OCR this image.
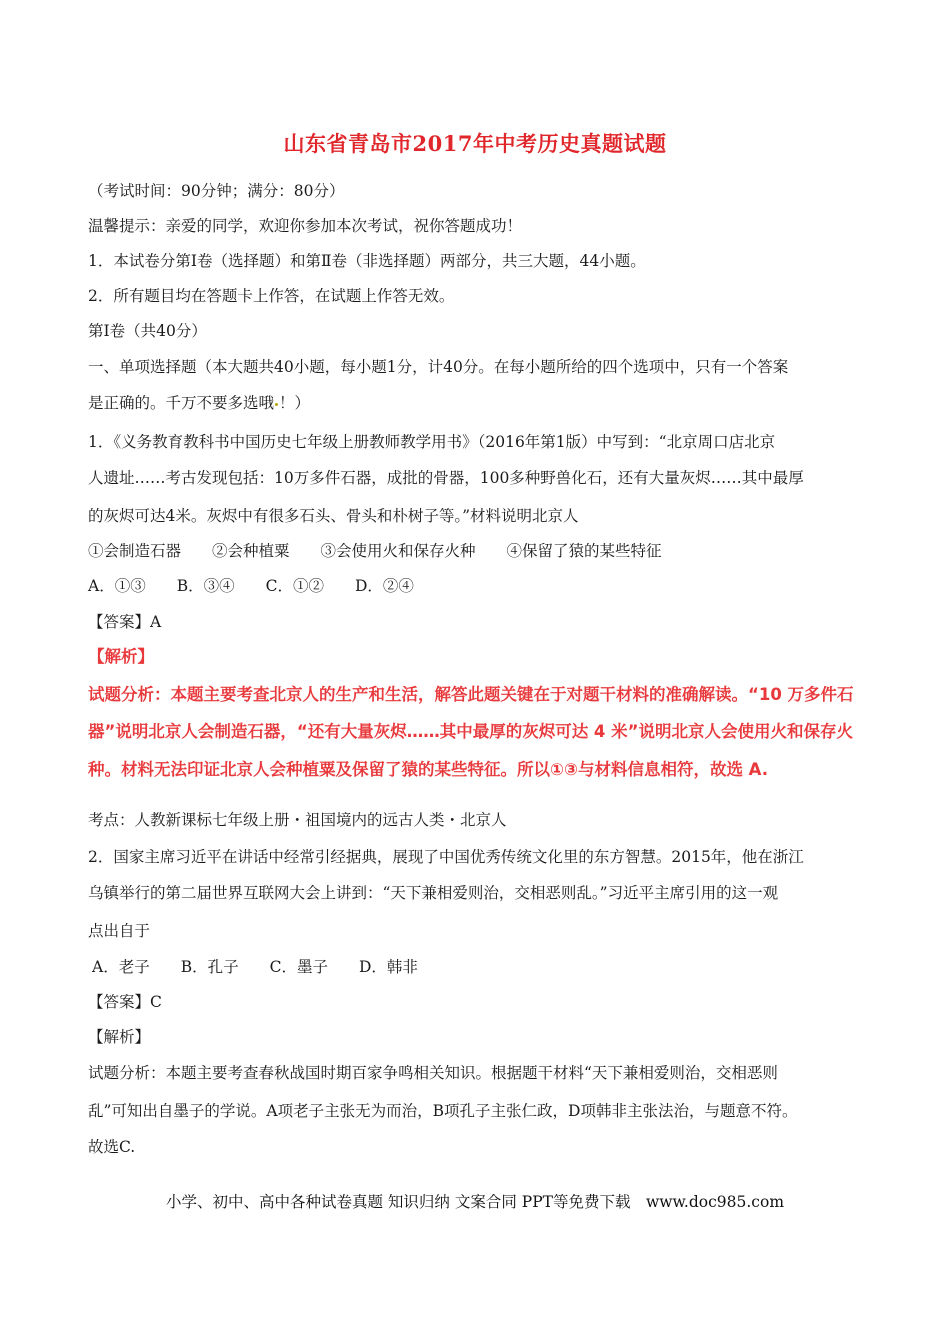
山东省青岛市2017年中考历史真题试题
（考试时间：90分钟；满分：80分）
温馨提示：亲爱的同学，欢迎你参加本次考试，祝你答题成功！
1．本试卷分第Ⅰ卷（选择题）和第Ⅱ卷（非选择题）两部分，共三大题，44小题。
2．所有题目均在答题卡上作答，在试题上作答无效。
第Ⅰ卷（共40分）
一、单项选择题（本大题共40小题，每小题1分，计40分。在每小题所给的四个选项中，只有一个答案
是正确的。千万不要多选哦 ！）
1．《义务教育教科书中国历史七年级上册教师教学用书》（2016年第1版）中写到：“北京周口店北京
人遗址……考古发现包括：10万多件石器，成批的骨器，100多种野兽化石，还有大量灰烬……其中最厚
的灰烬可达4米。灰烬中有很多石头、骨头和朴树子等。”材料说明北京人
①会制造石器　　②会种植粟　　③会使用火和保存火种　　④保留了猿的某些特征
A．①③　　B．③④　　C．①②　　D．②④
【答案】A
【解析】
试题分析：本题主要考查北京人的生产和生活，解答此题关键在于对题干材料的准确解读。“10 万多件石
器”说明北京人会制造石器，“还有大量灰烬……其中最厚的灰烬可达 4 米”说明北京人会使用火和保存火
种。材料无法印证北京人会种植粟及保留了猿的某些特征。所以①③与材料信息相符，故选 A.
考点：人教新课标七年级上册・祖国境内的远古人类・北京人
2．国家主席习近平在讲话中经常引经据典，展现了中国优秀传统文化里的东方智慧。2015年，他在浙江
乌镇举行的第二届世界互联网大会上讲到：“天下兼相爱则治，交相恶则乱。”习近平主席引用的这一观
点出自于
A．老子　　B．孔子　　C．墨子　　D．韩非
【答案】C
【解析】
试题分析：本题主要考查春秋战国时期百家争鸣相关知识。根据题干材料“天下兼相爱则治，交相恶则
乱”可知出自墨子的学说。A项老子主张无为而治，B项孔子主张仁政，D项韩非主张法治，与题意不符。
故选C.
小学、初中、高中各种试卷真题 知识归纳 文案合同 PPT等免费下载　www.doc985.com
